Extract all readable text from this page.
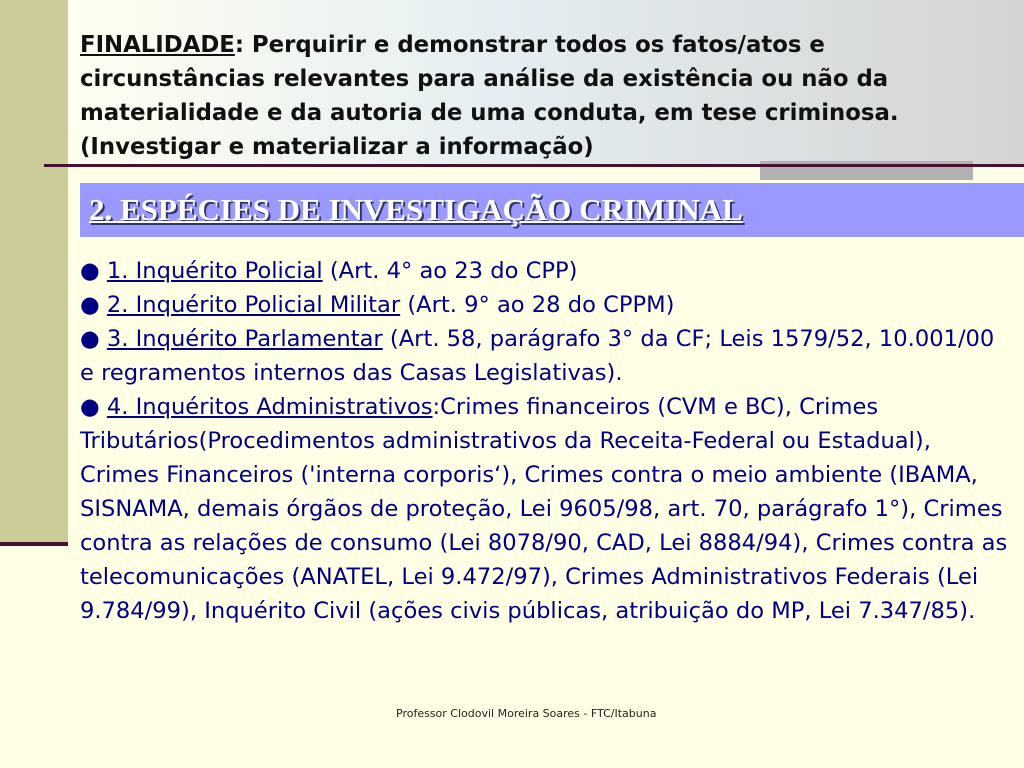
FINALIDADE: Perquirir e demonstrar todos os fatos/atos e circunstâncias relevantes para análise da existência ou não da materialidade e da autoria de uma conduta, em tese criminosa. (Investigar e materializar a informação)
2. ESPÉCIES DE INVESTIGAÇÃO CRIMINAL

● 1. Inquérito Policial (Art. 4° ao 23 do CPP)

● 2. Inquérito Policial Militar (Art. 9° ao 28 do CPPM)

● 3. Inquérito Parlamentar (Art. 58, parágrafo 3° da CF; Leis 1579/52, 10.001/00 e regramentos internos das Casas Legislativas).

● 4. Inquéritos Administrativos:Crimes financeiros (CVM e BC), Crimes Tributários(Procedimentos administrativos da Receita-Federal ou Estadual), Crimes Financeiros ('interna corporis‘), Crimes contra o meio ambiente (IBAMA, SISNAMA, demais órgãos de proteção, Lei 9605/98, art. 70, parágrafo 1°), Crimes contra as relações de consumo (Lei 8078/90, CAD, Lei 8884/94), Crimes contra as telecomunicações (ANATEL, Lei 9.472/97), Crimes Administrativos Federais (Lei 9.784/99), Inquérito Civil (ações civis públicas, atribuição do MP, Lei 7.347/85).

Professor Clodovil Moreira Soares - FTC/Itabuna
